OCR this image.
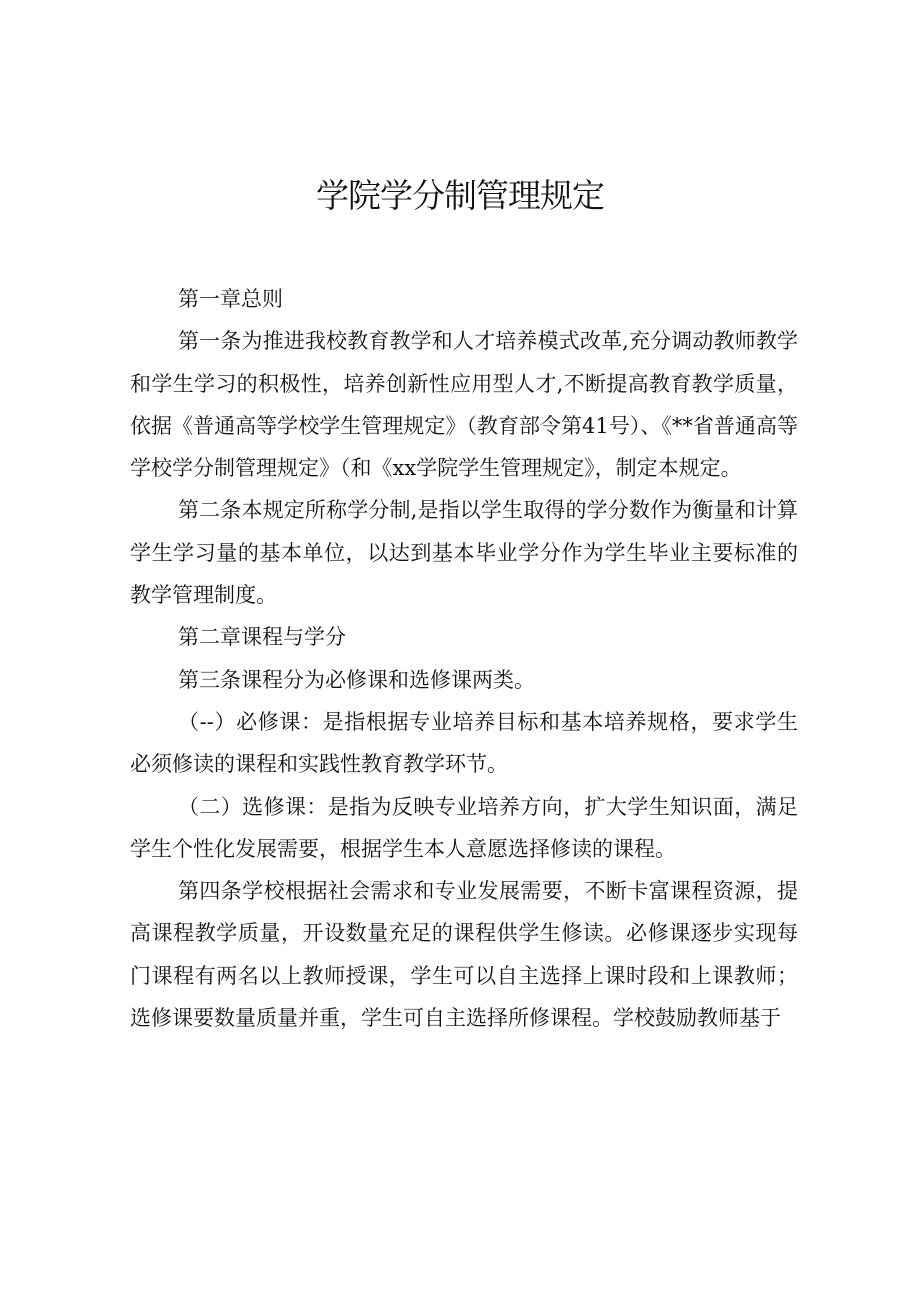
学院学分制管理规定

第一章总则

第一条为推进我校教育教学和人才培养模式改革,充分调动教师教学和学生学习的积极性，培养创新性应用型人才,不断提高教育教学质量，依据《普通高等学校学生管理规定》（教育部令第41号）、《**省普通高等学校学分制管理规定》（和《xx学院学生管理规定》，制定本规定。

第二条本规定所称学分制,是指以学生取得的学分数作为衡量和计算学生学习量的基本单位，以达到基本毕业学分作为学生毕业主要标准的教学管理制度。

第二章课程与学分

第三条课程分为必修课和选修课两类。

（--）必修课：是指根据专业培养目标和基本培养规格，要求学生必须修读的课程和实践性教育教学环节。

（二）选修课：是指为反映专业培养方向，扩大学生知识面，满足学生个性化发展需要，根据学生本人意愿选择修读的课程。

第四条学校根据社会需求和专业发展需要，不断卡富课程资源，提高课程教学质量，开设数量充足的课程供学生修读。必修课逐步实现每门课程有两名以上教师授课，学生可以自主选择上课时段和上课教师；选修课要数量质量并重，学生可自主选择所修课程。学校鼓励教师基于
